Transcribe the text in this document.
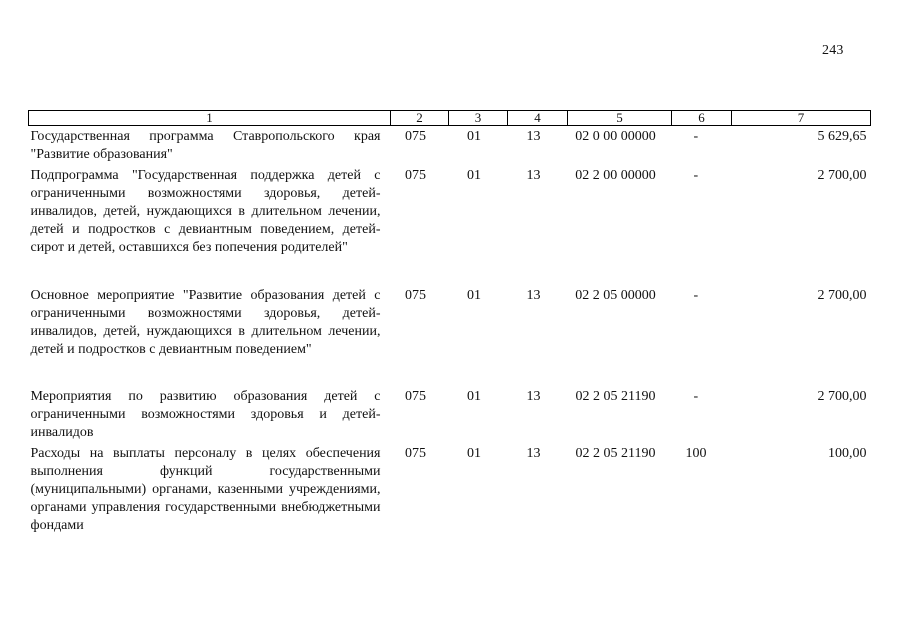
243
1	2	3	4	5	6	7
Государственная программа Ставропольского края "Развитие образования"	075	01	13	02 0 00 00000	-	5 629,65
Подпрограмма "Государственная поддержка детей с ограниченными возможностями здоровья, детей-инвалидов, детей, нуждающихся в длительном лечении, детей и подростков с девиантным поведением, детей-сирот и детей, оставшихся без попечения родителей"	075	01	13	02 2 00 00000	-	2 700,00
Основное мероприятие "Развитие образования детей с ограниченными возможностями здоровья, детей-инвалидов, детей, нуждающихся в длительном лечении, детей и подростков с девиантным поведением"	075	01	13	02 2 05 00000	-	2 700,00
Мероприятия по развитию образования детей с ограниченными возможностями здоровья и детей-инвалидов	075	01	13	02 2 05 21190	-	2 700,00
Расходы на выплаты персоналу в целях обеспечения выполнения функций государственными (муниципальными) органами, казенными учреждениями, органами управления государственными внебюджетными фондами	075	01	13	02 2 05 21190	100	100,00
